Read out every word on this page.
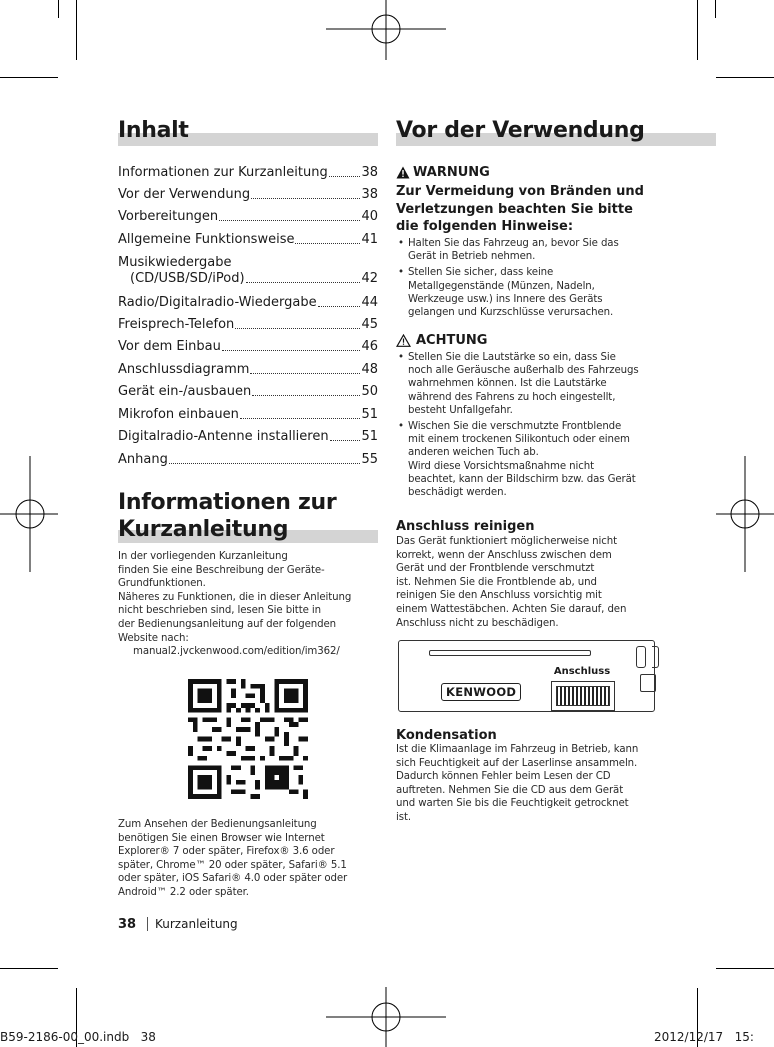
Inhalt
Informationen zur Kurzanleitung	38
Vor der Verwendung	38
Vorbereitungen	40
Allgemeine Funktionsweise	41
Musikwiedergabe
(CD/USB/SD/iPod)	42
Radio/Digitalradio-Wiedergabe	44
Freisprech-Telefon	45
Vor dem Einbau	46
Anschlussdiagramm	48
Gerät ein-/ausbauen	50
Mikrofon einbauen	51
Digitalradio-Antenne installieren	51
Anhang	55
Informationen zur
Kurzanleitung
In der vorliegenden Kurzanleitung
finden Sie eine Beschreibung der Geräte-
Grundfunktionen.
Näheres zu Funktionen, die in dieser Anleitung
nicht beschrieben sind, lesen Sie bitte in
der Bedienungsanleitung auf der folgenden
Website nach:
manual2.jvckenwood.com/edition/im362/
Zum Ansehen der Bedienungsanleitung
benötigen Sie einen Browser wie Internet
Explorer® 7 oder später, Firefox® 3.6 oder
später, Chrome™ 20 oder später, Safari® 5.1
oder später, iOS Safari® 4.0 oder später oder
Android™ 2.2 oder später.
38 Kurzanleitung
B59-2186-00_00.indb   38	2012/12/17   15:
Vor der Verwendung
WARNUNG
Zur Vermeidung von Bränden und
Verletzungen beachten Sie bitte
die folgenden Hinweise:
• Halten Sie das Fahrzeug an, bevor Sie das
Gerät in Betrieb nehmen.
• Stellen Sie sicher, dass keine
Metallgegenstände (Münzen, Nadeln,
Werkzeuge usw.) ins Innere des Geräts
gelangen und Kurzschlüsse verursachen.
ACHTUNG
• Stellen Sie die Lautstärke so ein, dass Sie
noch alle Geräusche außerhalb des Fahrzeugs
wahrnehmen können. Ist die Lautstärke
während des Fahrens zu hoch eingestellt,
besteht Unfallgefahr.
• Wischen Sie die verschmutzte Frontblende
mit einem trockenen Silikontuch oder einem
anderen weichen Tuch ab.
Wird diese Vorsichtsmaßnahme nicht
beachtet, kann der Bildschirm bzw. das Gerät
beschädigt werden.
Anschluss reinigen
Das Gerät funktioniert möglicherweise nicht
korrekt, wenn der Anschluss zwischen dem
Gerät und der Frontblende verschmutzt
ist. Nehmen Sie die Frontblende ab, und
reinigen Sie den Anschluss vorsichtig mit
einem Wattestäbchen. Achten Sie darauf, den
Anschluss nicht zu beschädigen.
KENWOOD
Anschluss
Kondensation
Ist die Klimaanlage im Fahrzeug in Betrieb, kann
sich Feuchtigkeit auf der Laserlinse ansammeln.
Dadurch können Fehler beim Lesen der CD
auftreten. Nehmen Sie die CD aus dem Gerät
und warten Sie bis die Feuchtigkeit getrocknet
ist.
